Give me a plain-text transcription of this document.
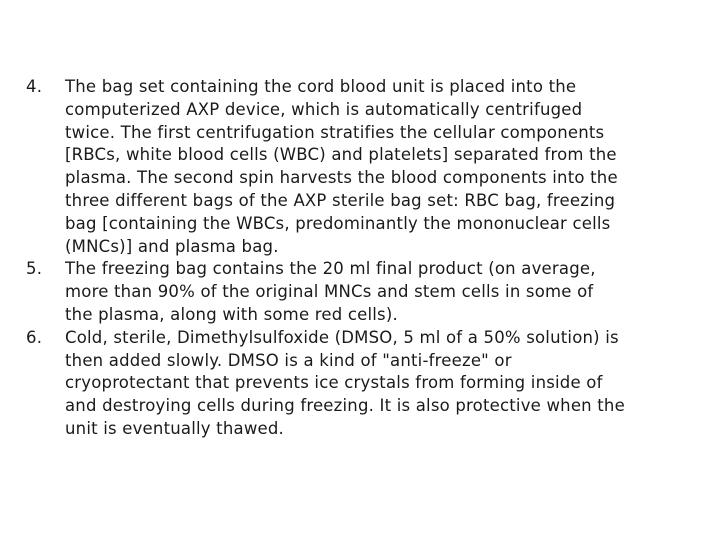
4.	The bag set containing the cord blood unit is placed into the
computerized AXP device, which is automatically centrifuged
twice. The first centrifugation stratifies the cellular components
[RBCs, white blood cells (WBC) and platelets] separated from the
plasma. The second spin harvests the blood components into the
three different bags of the AXP sterile bag set: RBC bag, freezing
bag [containing the WBCs, predominantly the mononuclear cells
(MNCs)] and plasma bag.
5.	The freezing bag contains the 20 ml final product (on average,
more than 90% of the original MNCs and stem cells in some of
the plasma, along with some red cells).
6.	Cold, sterile, Dimethylsulfoxide (DMSO, 5 ml of a 50% solution) is
then added slowly. DMSO is a kind of "anti-freeze" or
cryoprotectant that prevents ice crystals from forming inside of
and destroying cells during freezing. It is also protective when the
unit is eventually thawed.
